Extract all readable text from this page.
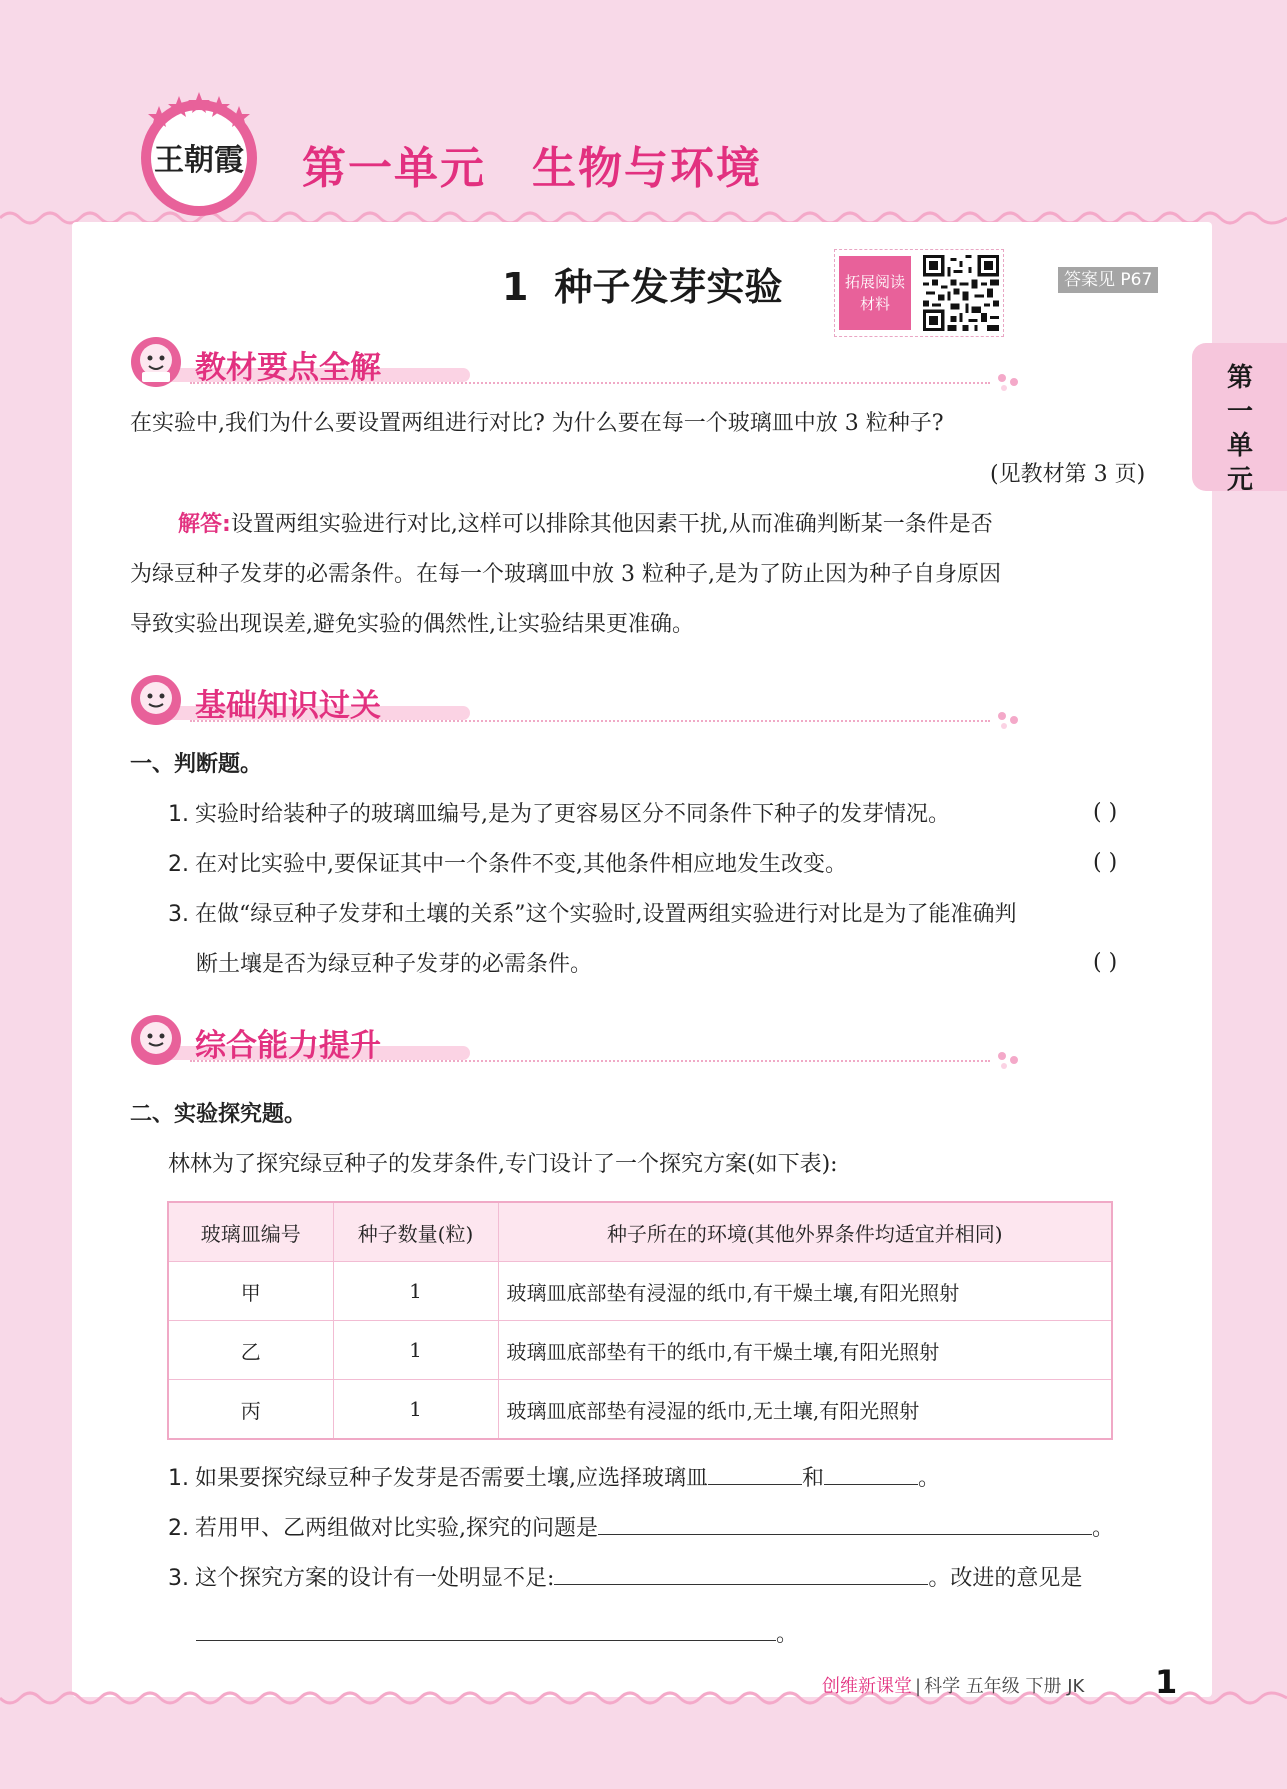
王朝霞 第一单元 生物与环境
1 种子发芽实验	拓展阅读
材料
答案见 P67
第
一
单
元
教材要点全解
在实验中,我们为什么要设置两组进行对比? 为什么要在每一个玻璃皿中放 3 粒种子?
(见教材第 3 页)
解答:设置两组实验进行对比,这样可以排除其他因素干扰,从而准确判断某一条件是否
为绿豆种子发芽的必需条件。在每一个玻璃皿中放 3 粒种子,是为了防止因为种子自身原因
导致实验出现误差,避免实验的偶然性,让实验结果更准确。
基础知识过关
一、判断题。
1. 实验时给装种子的玻璃皿编号,是为了更容易区分不同条件下种子的发芽情况。	( )
2. 在对比实验中,要保证其中一个条件不变,其他条件相应地发生改变。	( )
3. 在做“绿豆种子发芽和土壤的关系”这个实验时,设置两组实验进行对比是为了能准确判
断土壤是否为绿豆种子发芽的必需条件。	( )
综合能力提升
二、实验探究题。
林林为了探究绿豆种子的发芽条件,专门设计了一个探究方案(如下表):
玻璃皿编号	种子数量(粒)	种子所在的环境(其他外界条件均适宜并相同)
甲	1	玻璃皿底部垫有浸湿的纸巾,有干燥土壤,有阳光照射
乙	1	玻璃皿底部垫有干的纸巾,有干燥土壤,有阳光照射
丙	1	玻璃皿底部垫有浸湿的纸巾,无土壤,有阳光照射
1. 如果要探究绿豆种子发芽是否需要土壤,应选择玻璃皿	和	。
2. 若用甲、乙两组做对比实验,探究的问题是	。
3. 这个探究方案的设计有一处明显不足:	。改进的意见是
。
创维新课堂 | 科学 五年级 下册 JK 1
